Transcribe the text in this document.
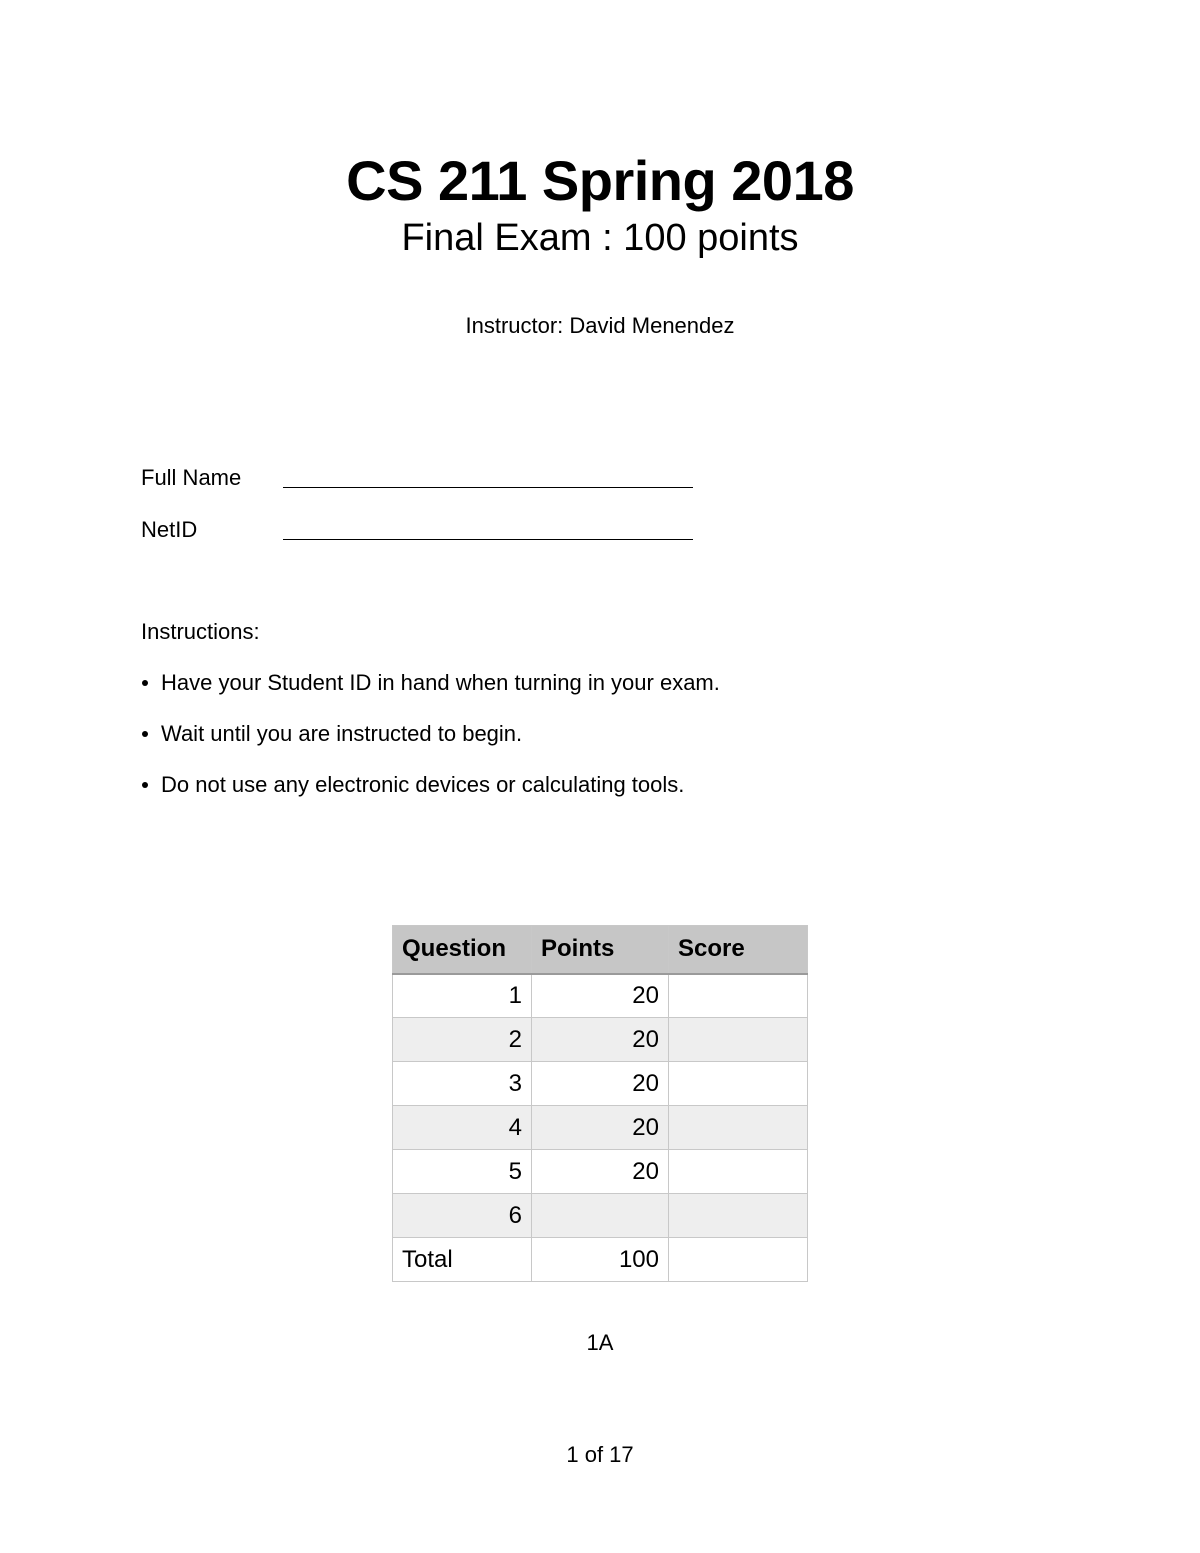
CS 211 Spring 2018
Final Exam : 100 points
Instructor: David Menendez
Full Name
NetID
Instructions:
Have your Student ID in hand when turning in your exam.
Wait until you are instructed to begin.
Do not use any electronic devices or calculating tools.
Question	Points	Score
1	20	
2	20	
3	20	
4	20	
5	20	
6		
Total	100	
1A
1 of 17
